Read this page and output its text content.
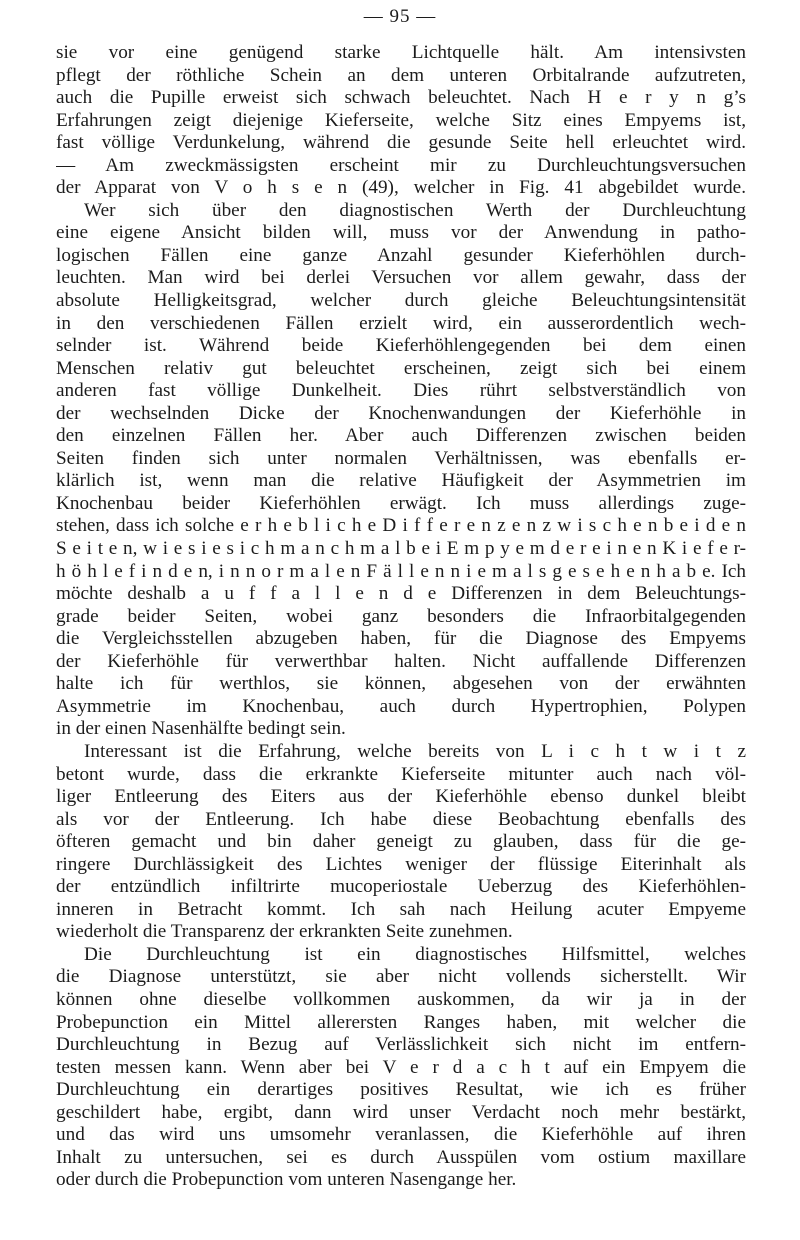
— 95 —
sie vor eine genügend starke Lichtquelle hält. Am intensivsten
pflegt der röthliche Schein an dem unteren Orbitalrande aufzutreten,
auch die Pupille erweist sich schwach beleuchtet. Nach H e r y n g’s
Erfahrungen zeigt diejenige Kieferseite, welche Sitz eines Empyems ist,
fast völlige Verdunkelung, während die gesunde Seite hell erleuchtet wird.
— Am zweckmässigsten erscheint mir zu Durchleuchtungsversuchen
der Apparat von V o h s e n (49), welcher in Fig. 41 abgebildet wurde.
Wer sich über den diagnostischen Werth der Durchleuchtung
eine eigene Ansicht bilden will, muss vor der Anwendung in patho-
logischen Fällen eine ganze Anzahl gesunder Kieferhöhlen durch-
leuchten. Man wird bei derlei Versuchen vor allem gewahr, dass der
absolute Helligkeitsgrad, welcher durch gleiche Beleuchtungsintensität
in den verschiedenen Fällen erzielt wird, ein ausserordentlich wech-
selnder ist. Während beide Kieferhöhlengegenden bei dem einen
Menschen relativ gut beleuchtet erscheinen, zeigt sich bei einem
anderen fast völlige Dunkelheit. Dies rührt selbstverständlich von
der wechselnden Dicke der Knochenwandungen der Kieferhöhle in
den einzelnen Fällen her. Aber auch Differenzen zwischen beiden
Seiten finden sich unter normalen Verhältnissen, was ebenfalls er-
klärlich ist, wenn man die relative Häufigkeit der Asymmetrien im
Knochenbau beider Kieferhöhlen erwägt. Ich muss allerdings zuge-
stehen, dass ich solche e r h e b l i c h e D i f f e r e n z e n z w i s c h e n b e i d e n
S e i t e n, w i e s i e s i c h m a n c h m a l b e i E m p y e m d e r e i n e n K i e f e r-
h ö h l e f i n d e n, i n n o r m a l e n F ä l l e n n i e m a l s g e s e h e n h a b e. Ich
möchte deshalb a u f f a l l e n d e Differenzen in dem Beleuchtungs-
grade beider Seiten, wobei ganz besonders die Infraorbitalgegenden
die Vergleichsstellen abzugeben haben, für die Diagnose des Empyems
der Kieferhöhle für verwerthbar halten. Nicht auffallende Differenzen
halte ich für werthlos, sie können, abgesehen von der erwähnten
Asymmetrie im Knochenbau, auch durch Hypertrophien, Polypen
in der einen Nasenhälfte bedingt sein.
Interessant ist die Erfahrung, welche bereits von L i c h t w i t z
betont wurde, dass die erkrankte Kieferseite mitunter auch nach völ-
liger Entleerung des Eiters aus der Kieferhöhle ebenso dunkel bleibt
als vor der Entleerung. Ich habe diese Beobachtung ebenfalls des
öfteren gemacht und bin daher geneigt zu glauben, dass für die ge-
ringere Durchlässigkeit des Lichtes weniger der flüssige Eiterinhalt als
der entzündlich infiltrirte mucoperiostale Ueberzug des Kieferhöhlen-
inneren in Betracht kommt. Ich sah nach Heilung acuter Empyeme
wiederholt die Transparenz der erkrankten Seite zunehmen.
Die Durchleuchtung ist ein diagnostisches Hilfsmittel, welches
die Diagnose unterstützt, sie aber nicht vollends sicherstellt. Wir
können ohne dieselbe vollkommen auskommen, da wir ja in der
Probepunction ein Mittel allerersten Ranges haben, mit welcher die
Durchleuchtung in Bezug auf Verlässlichkeit sich nicht im entfern-
testen messen kann. Wenn aber bei V e r d a c h t auf ein Empyem die
Durchleuchtung ein derartiges positives Resultat, wie ich es früher
geschildert habe, ergibt, dann wird unser Verdacht noch mehr bestärkt,
und das wird uns umsomehr veranlassen, die Kieferhöhle auf ihren
Inhalt zu untersuchen, sei es durch Ausspülen vom ostium maxillare
oder durch die Probepunction vom unteren Nasengange her.
